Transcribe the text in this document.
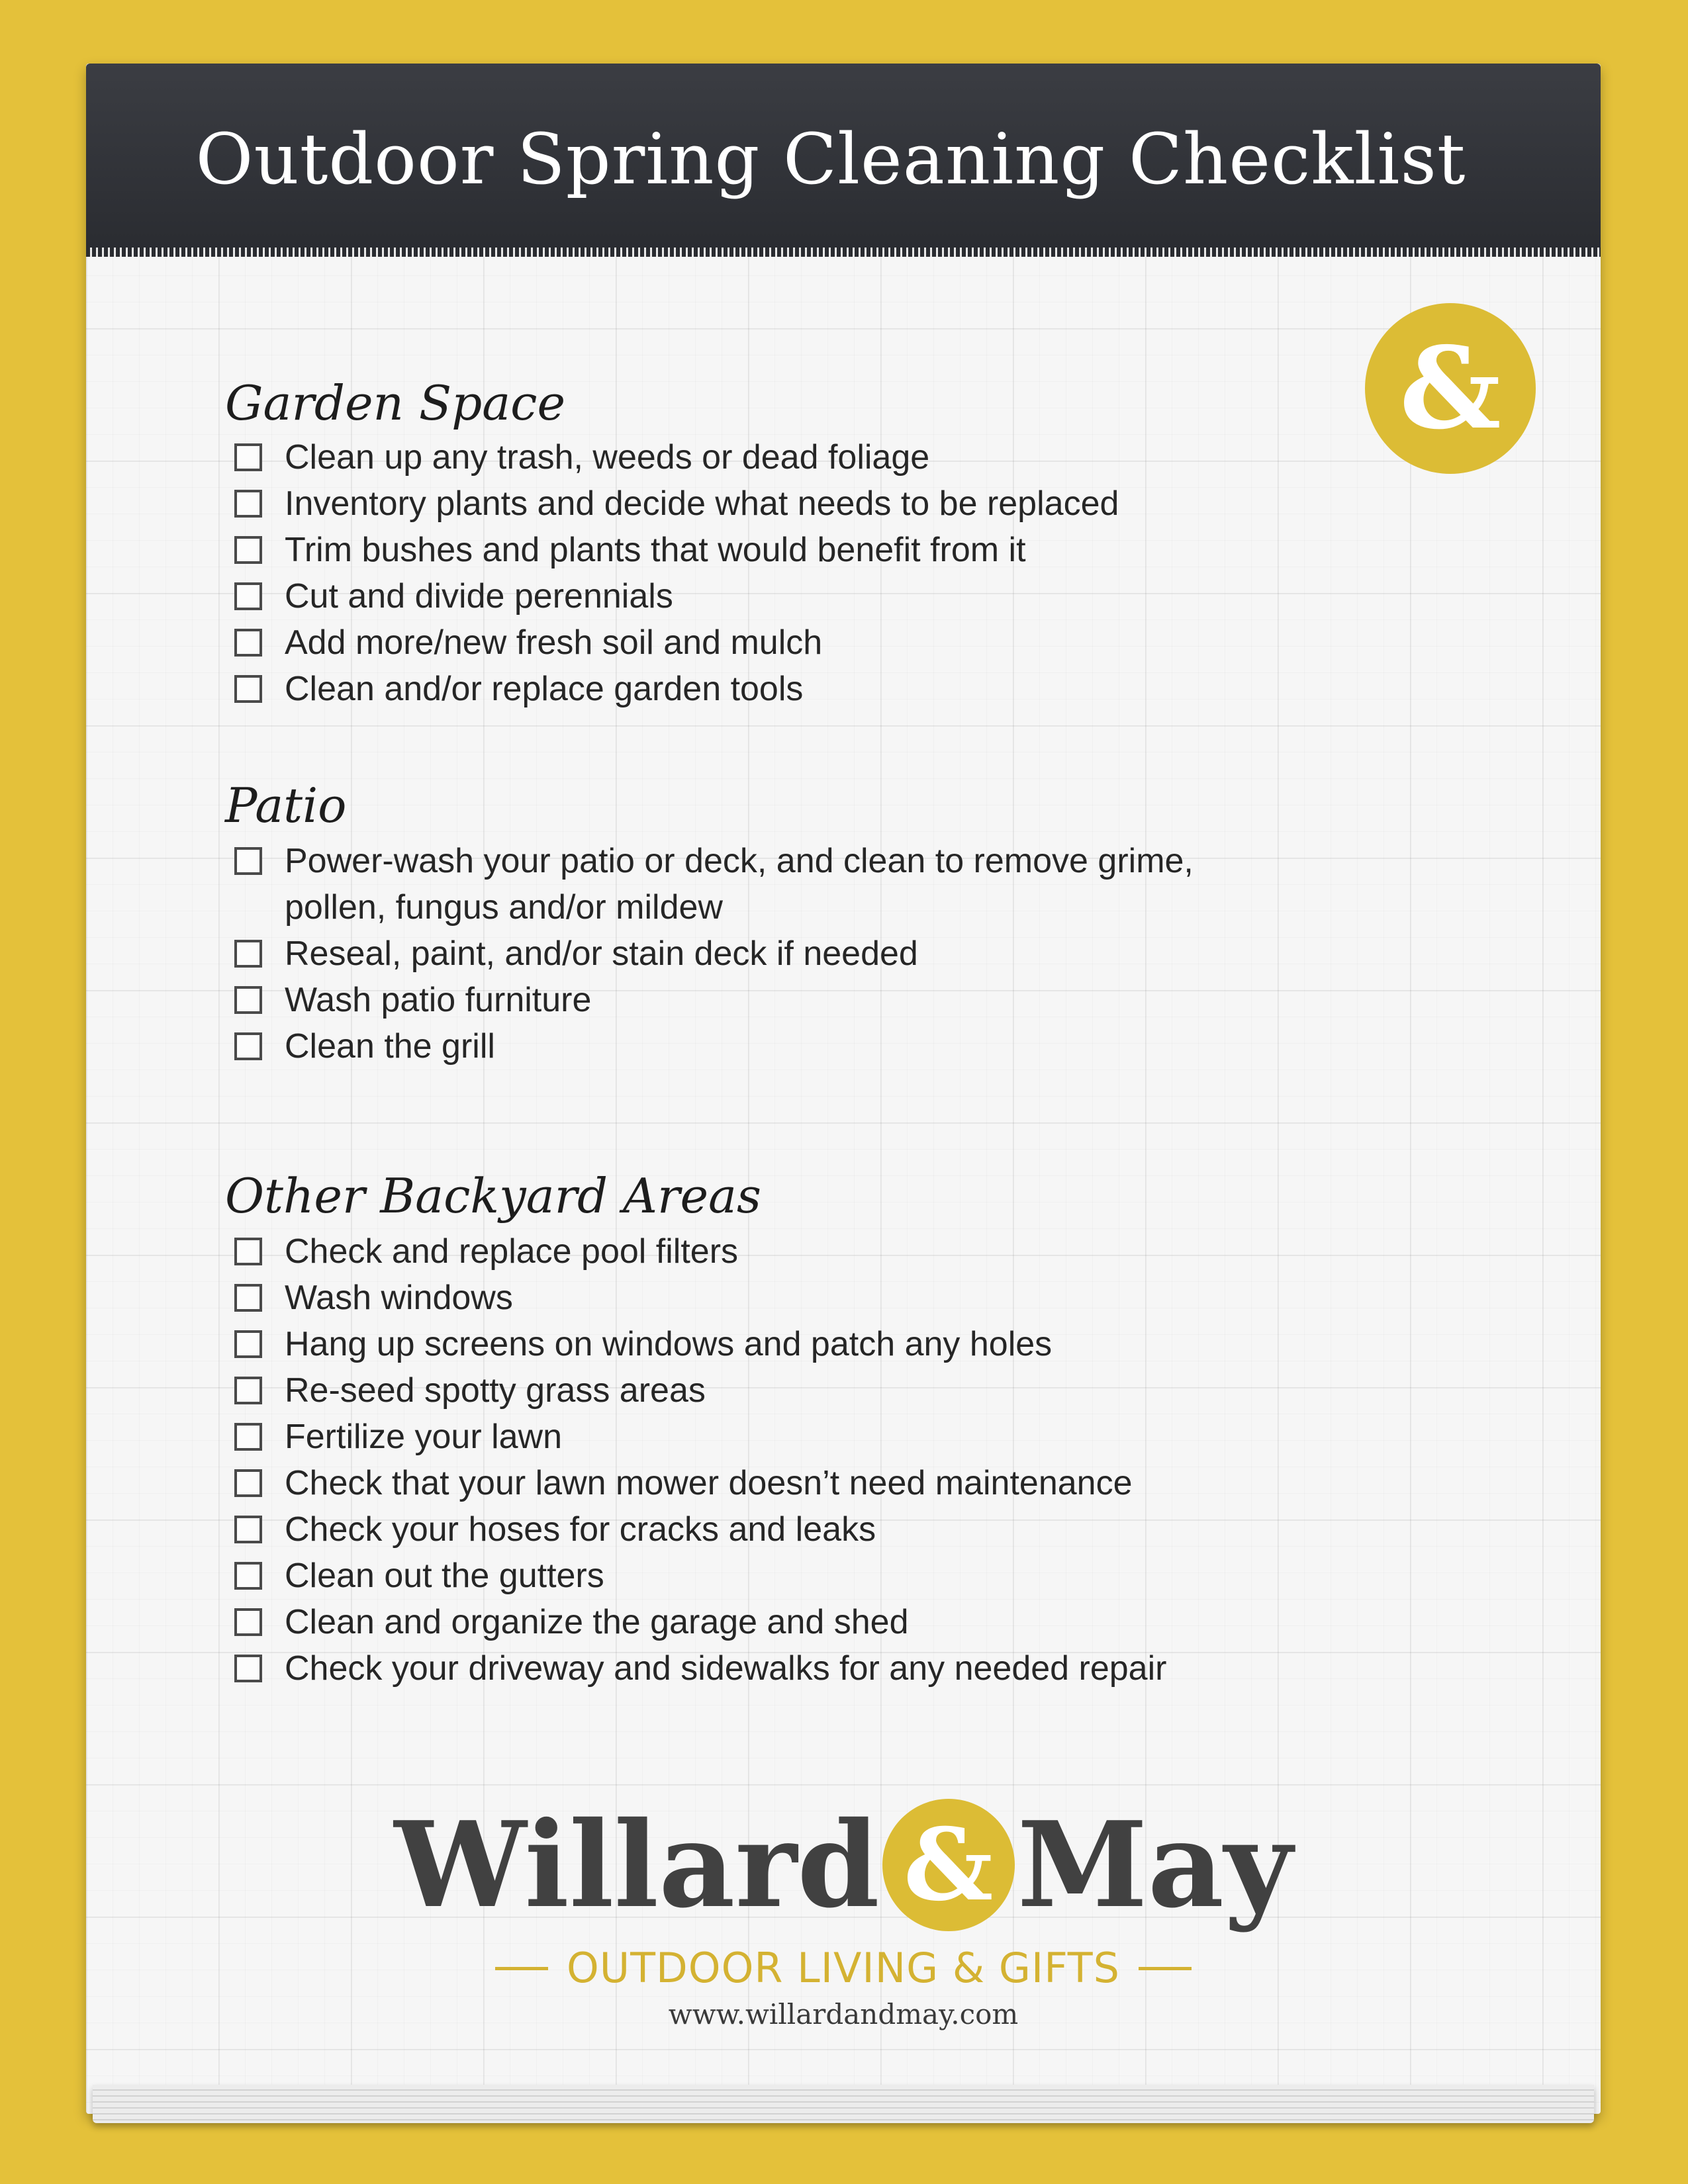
Outdoor Spring Cleaning Checklist
&
Garden Space
Clean up any trash, weeds or dead foliage
Inventory plants and decide what needs to be replaced
Trim bushes and plants that would benefit from it
Cut and divide perennials
Add more/new fresh soil and mulch
Clean and/or replace garden tools
Patio
Power-wash your patio or deck, and clean to remove grime,
pollen, fungus and/or mildew
Reseal, paint, and/or stain deck if needed
Wash patio furniture
Clean the grill
Other Backyard Areas
Check and replace pool filters
Wash windows
Hang up screens on windows and patch any holes
Re-seed spotty grass areas
Fertilize your lawn
Check that your lawn mower doesn’t need maintenance
Check your hoses for cracks and leaks
Clean out the gutters
Clean and organize the garage and shed
Check your driveway and sidewalks for any needed repair
Willard & May
OUTDOOR LIVING & GIFTS
www.willardandmay.com
